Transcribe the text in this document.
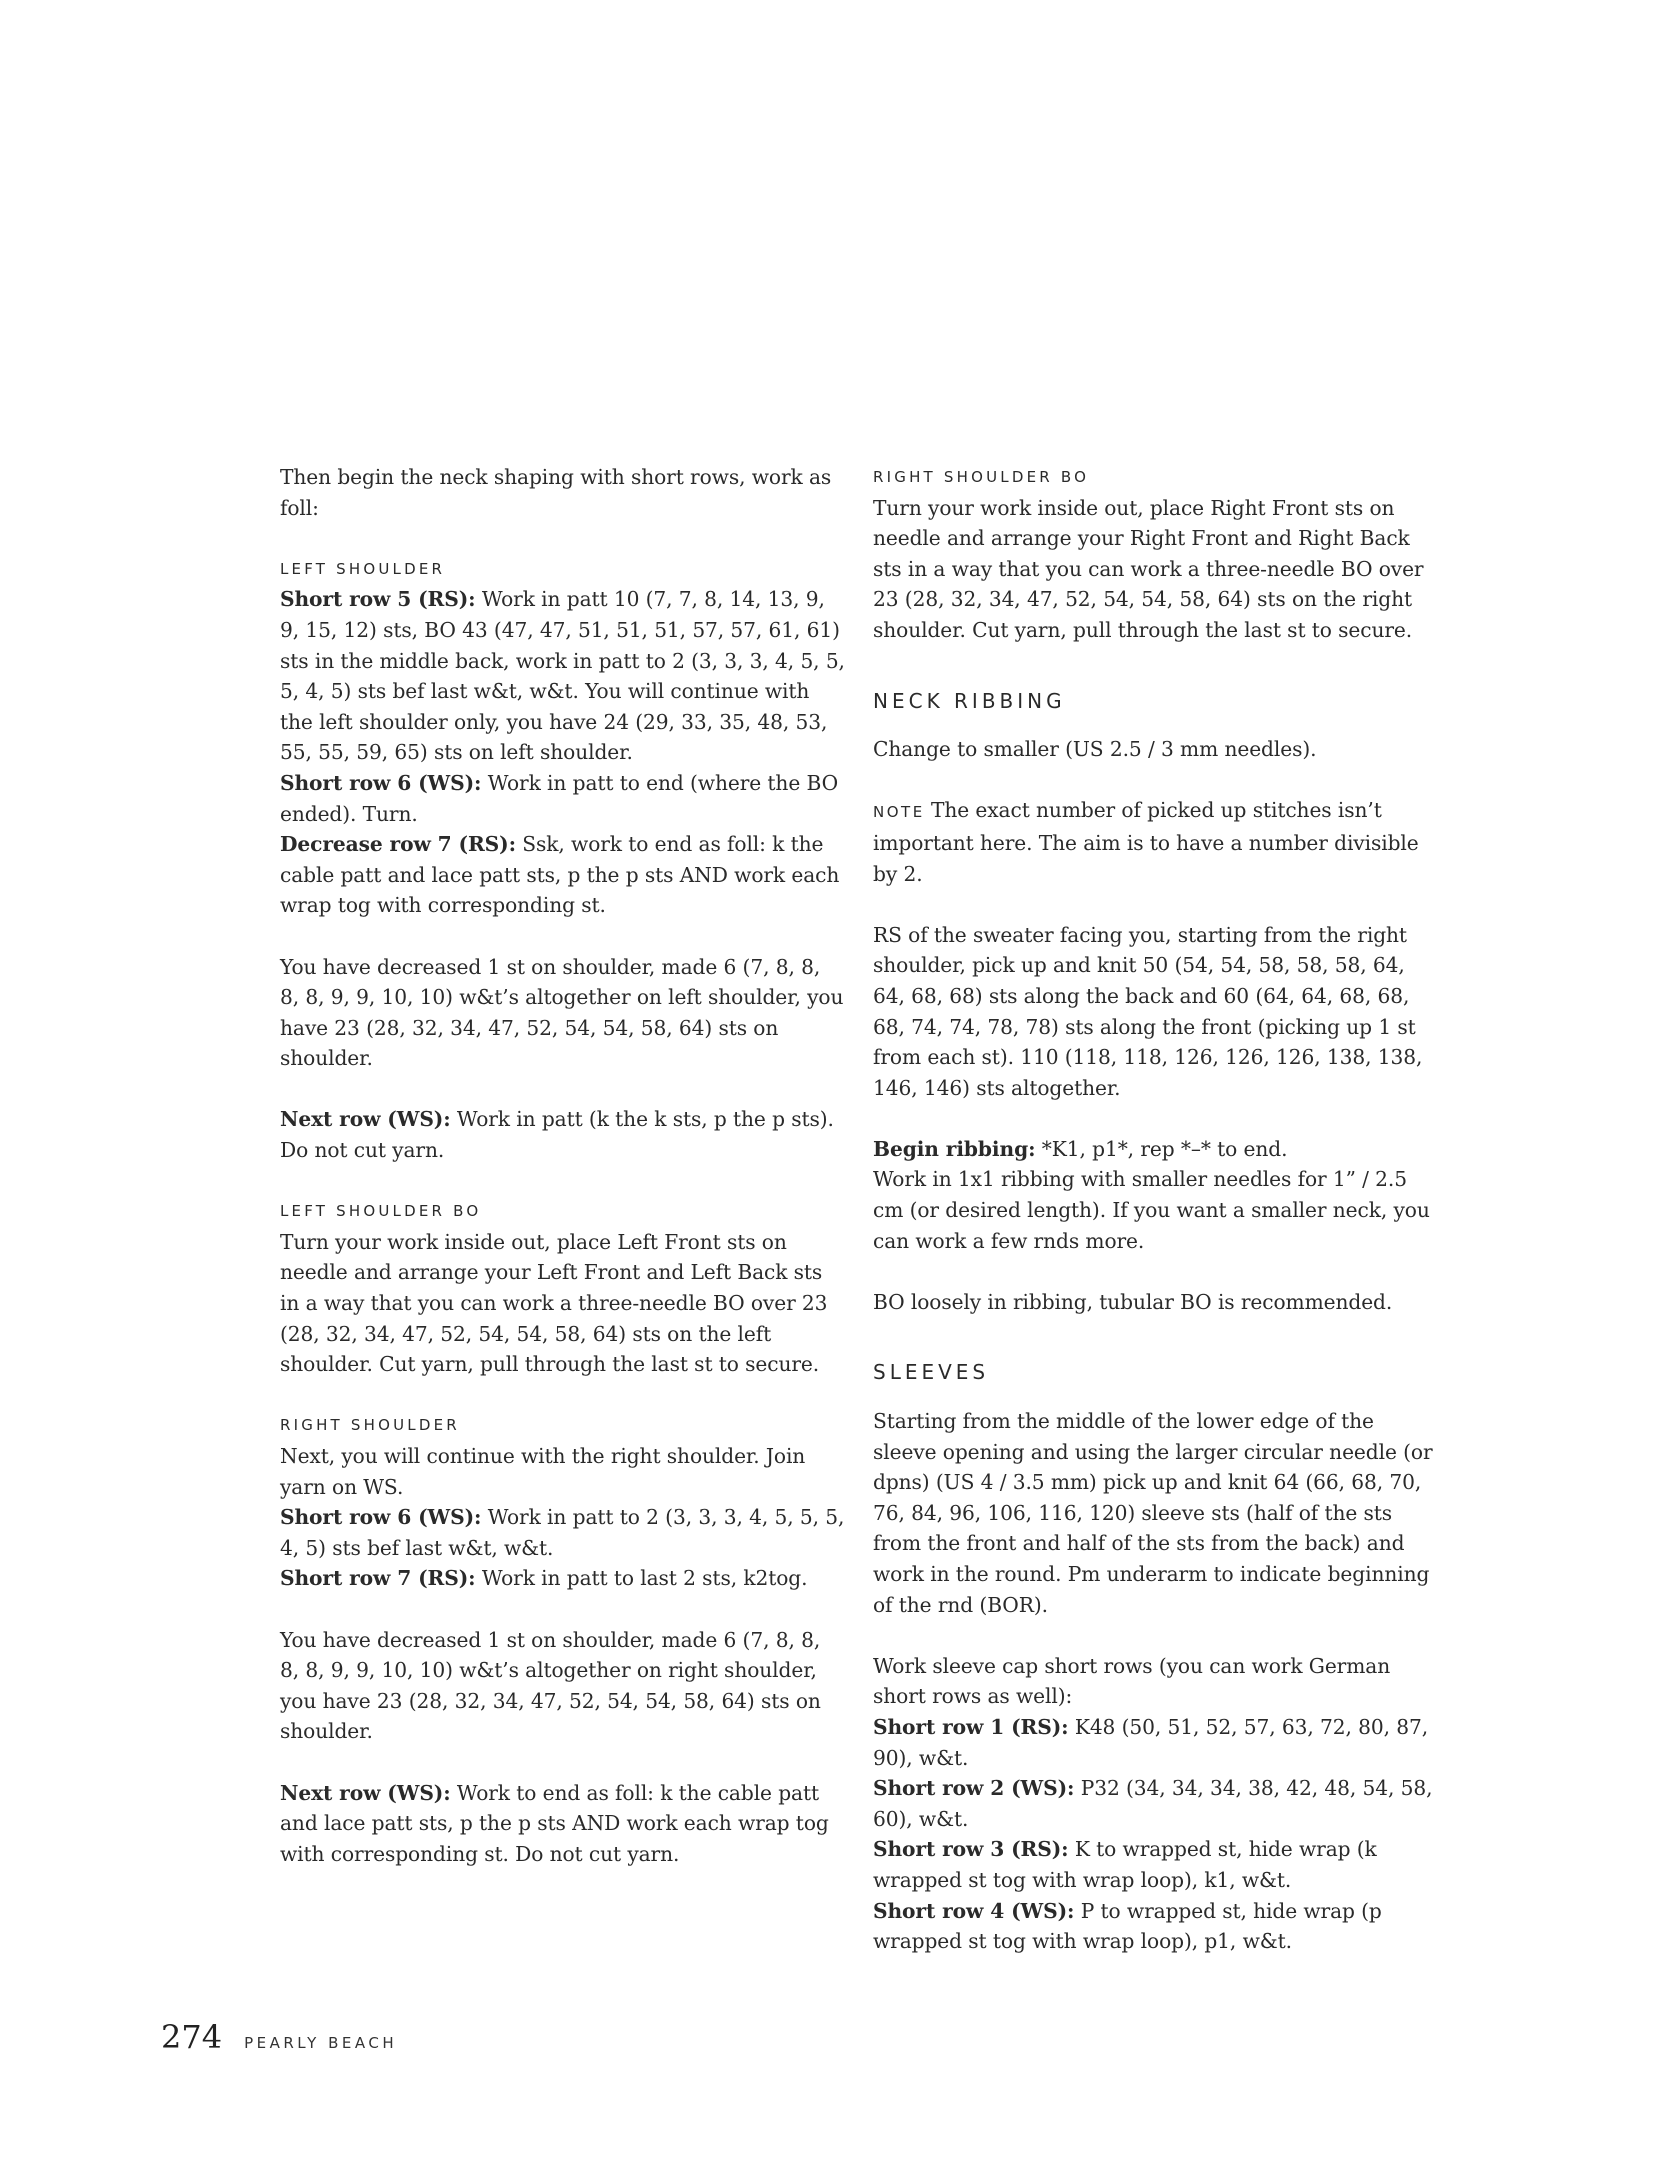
Then begin the neck shaping with short rows, work as foll:

LEFT SHOULDER

Short row 5 (RS): Work in patt 10 (7, 7, 8, 14, 13, 9, 9, 15, 12) sts, BO 43 (47, 47, 51, 51, 51, 57, 57, 61, 61) sts in the middle back, work in patt to 2 (3, 3, 3, 4, 5, 5, 5, 4, 5) sts bef last w&t, w&t. You will continue with the left shoulder only, you have 24 (29, 33, 35, 48, 53, 55, 55, 59, 65) sts on left shoulder.

Short row 6 (WS): Work in patt to end (where the BO ended). Turn.

Decrease row 7 (RS): Ssk, work to end as foll: k the cable patt and lace patt sts, p the p sts AND work each wrap tog with corresponding st.

You have decreased 1 st on shoulder, made 6 (7, 8, 8, 8, 8, 9, 9, 10, 10) w&t’s altogether on left shoulder, you have 23 (28, 32, 34, 47, 52, 54, 54, 58, 64) sts on shoulder.

Next row (WS): Work in patt (k the k sts, p the p sts). Do not cut yarn.

LEFT SHOULDER BO

Turn your work inside out, place Left Front sts on needle and arrange your Left Front and Left Back sts in a way that you can work a three-needle BO over 23 (28, 32, 34, 47, 52, 54, 54, 58, 64) sts on the left shoulder. Cut yarn, pull through the last st to secure.

RIGHT SHOULDER

Next, you will continue with the right shoulder. Join yarn on WS.

Short row 6 (WS): Work in patt to 2 (3, 3, 3, 4, 5, 5, 5, 4, 5) sts bef last w&t, w&t.

Short row 7 (RS): Work in patt to last 2 sts, k2tog.

You have decreased 1 st on shoulder, made 6 (7, 8, 8, 8, 8, 9, 9, 10, 10) w&t’s altogether on right shoulder, you have 23 (28, 32, 34, 47, 52, 54, 54, 58, 64) sts on shoulder.

Next row (WS): Work to end as foll: k the cable patt and lace patt sts, p the p sts AND work each wrap tog with corresponding st. Do not cut yarn.

RIGHT SHOULDER BO

Turn your work inside out, place Right Front sts on needle and arrange your Right Front and Right Back sts in a way that you can work a three-needle BO over 23 (28, 32, 34, 47, 52, 54, 54, 58, 64) sts on the right shoulder. Cut yarn, pull through the last st to secure.

NECK RIBBING

Change to smaller (US 2.5 / 3 mm needles).

NOTE The exact number of picked up stitches isn’t important here. The aim is to have a number divisible by 2.

RS of the sweater facing you, starting from the right shoulder, pick up and knit 50 (54, 54, 58, 58, 58, 64, 64, 68, 68) sts along the back and 60 (64, 64, 68, 68, 68, 74, 74, 78, 78) sts along the front (picking up 1 st from each st). 110 (118, 118, 126, 126, 126, 138, 138, 146, 146) sts altogether.

Begin ribbing: *K1, p1*, rep *–* to end.

Work in 1x1 ribbing with smaller needles for 1” / 2.5 cm (or desired length). If you want a smaller neck, you can work a few rnds more.

BO loosely in ribbing, tubular BO is recommended.

SLEEVES

Starting from the middle of the lower edge of the sleeve opening and using the larger circular needle (or dpns) (US 4 / 3.5 mm) pick up and knit 64 (66, 68, 70, 76, 84, 96, 106, 116, 120) sleeve sts (half of the sts from the front and half of the sts from the back) and work in the round. Pm underarm to indicate beginning of the rnd (BOR).

Work sleeve cap short rows (you can work German short rows as well):

Short row 1 (RS): K48 (50, 51, 52, 57, 63, 72, 80, 87, 90), w&t.

Short row 2 (WS): P32 (34, 34, 34, 38, 42, 48, 54, 58, 60), w&t.

Short row 3 (RS): K to wrapped st, hide wrap (k wrapped st tog with wrap loop), k1, w&t.

Short row 4 (WS): P to wrapped st, hide wrap (p wrapped st tog with wrap loop), p1, w&t.

274 PEARLY BEACH
